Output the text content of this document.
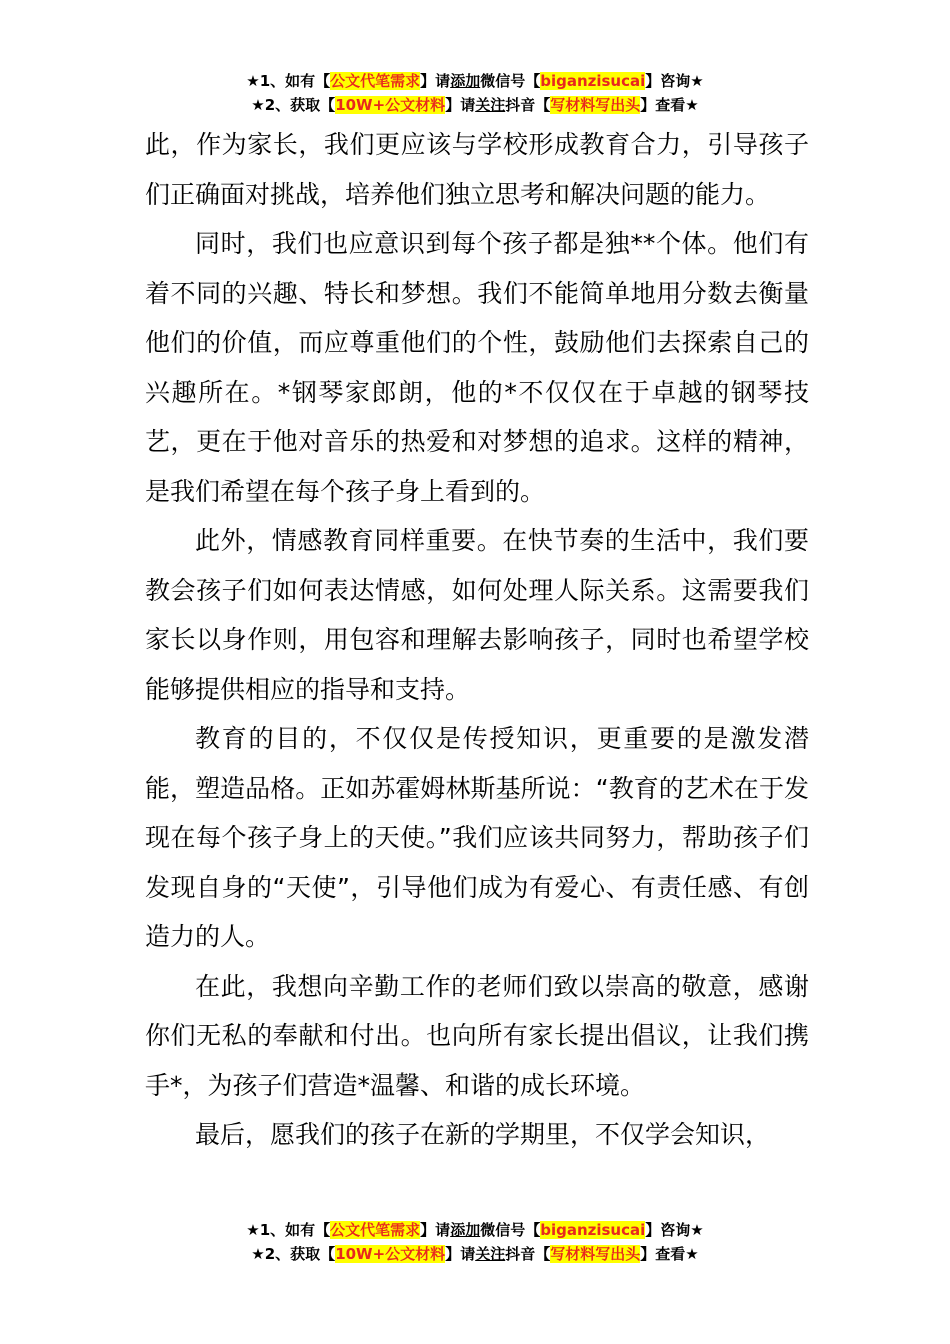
★1、如有【公文代笔需求】请添加微信号【biganzisucai】咨询★
★2、获取【10W+公文材料】请关注抖音【写材料写出头】查看★

此，作为家长，我们更应该与学校形成教育合力，引导孩子们正确面对挑战，培养他们独立思考和解决问题的能力。

同时，我们也应意识到每个孩子都是独**个体。他们有着不同的兴趣、特长和梦想。我们不能简单地用分数去衡量他们的价值，而应尊重他们的个性，鼓励他们去探索自己的兴趣所在。*钢琴家郎朗，他的*不仅仅在于卓越的钢琴技艺，更在于他对音乐的热爱和对梦想的追求。这样的精神，是我们希望在每个孩子身上看到的。

此外，情感教育同样重要。在快节奏的生活中，我们要教会孩子们如何表达情感，如何处理人际关系。这需要我们家长以身作则，用包容和理解去影响孩子，同时也希望学校能够提供相应的指导和支持。

教育的目的，不仅仅是传授知识，更重要的是激发潜能，塑造品格。正如苏霍姆林斯基所说：“教育的艺术在于发现在每个孩子身上的天使。”我们应该共同努力，帮助孩子们发现自身的“天使”，引导他们成为有爱心、有责任感、有创造力的人。

在此，我想向辛勤工作的老师们致以崇高的敬意，感谢你们无私的奉献和付出。也向所有家长提出倡议，让我们携手*，为孩子们营造*温馨、和谐的成长环境。

最后，愿我们的孩子在新的学期里，不仅学会知识，

★1、如有【公文代笔需求】请添加微信号【biganzisucai】咨询★
★2、获取【10W+公文材料】请关注抖音【写材料写出头】查看★
